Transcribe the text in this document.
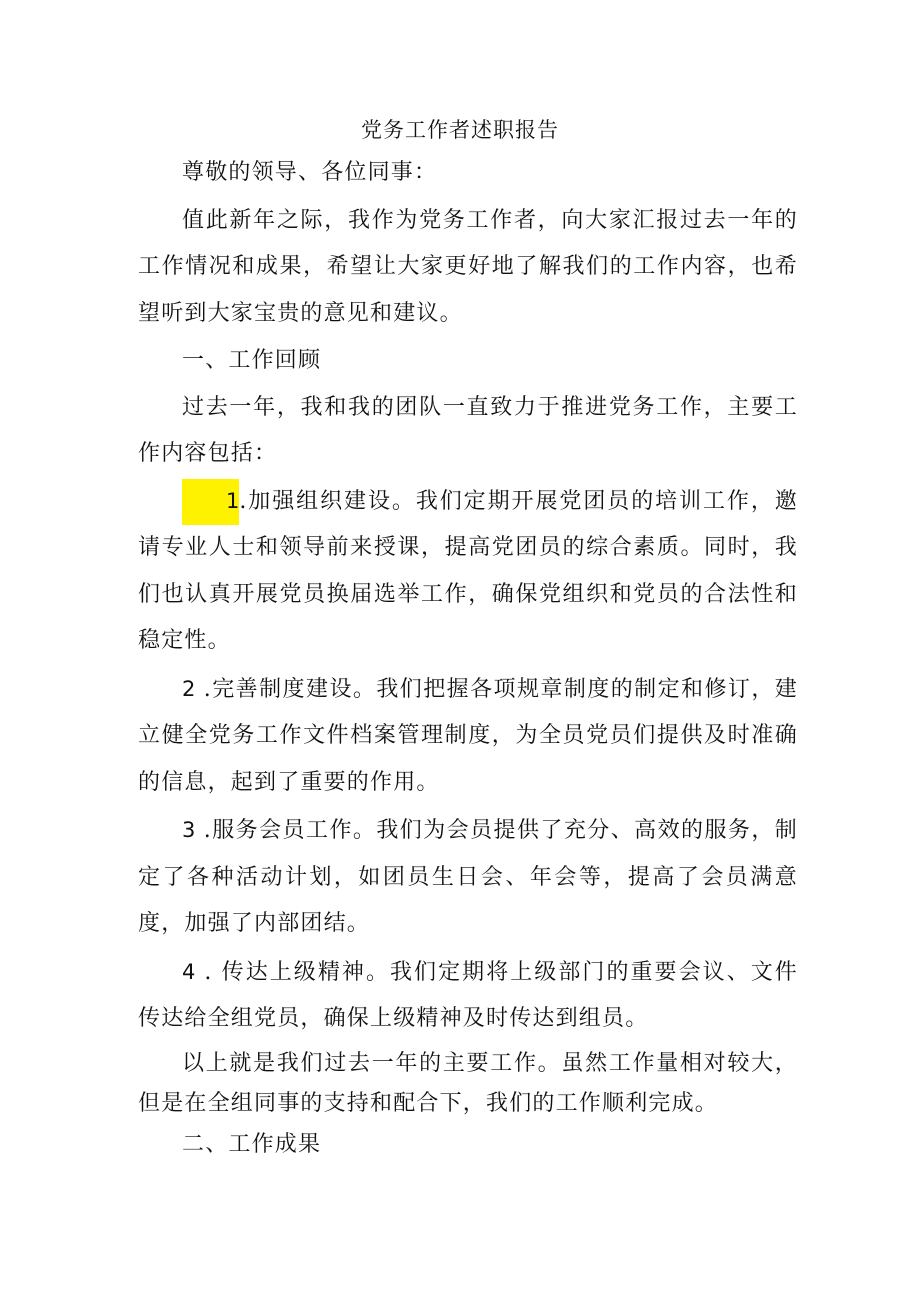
党务工作者述职报告

尊敬的领导、各位同事：

值此新年之际，我作为党务工作者，向大家汇报过去一年的工作情况和成果，希望让大家更好地了解我们的工作内容，也希望听到大家宝贵的意见和建议。

一、工作回顾

过去一年，我和我的团队一直致力于推进党务工作，主要工作内容包括：

1.加强组织建设。我们定期开展党团员的培训工作，邀请专业人士和领导前来授课，提高党团员的综合素质。同时，我们也认真开展党员换届选举工作，确保党组织和党员的合法性和稳定性。

2 .完善制度建设。我们把握各项规章制度的制定和修订，建立健全党务工作文件档案管理制度，为全员党员们提供及时准确的信息，起到了重要的作用。

3 .服务会员工作。我们为会员提供了充分、高效的服务，制定了各种活动计划，如团员生日会、年会等，提高了会员满意度，加强了内部团结。

4 . 传达上级精神。我们定期将上级部门的重要会议、文件传达给全组党员，确保上级精神及时传达到组员。

以上就是我们过去一年的主要工作。虽然工作量相对较大，但是在全组同事的支持和配合下，我们的工作顺利完成。

二、工作成果
